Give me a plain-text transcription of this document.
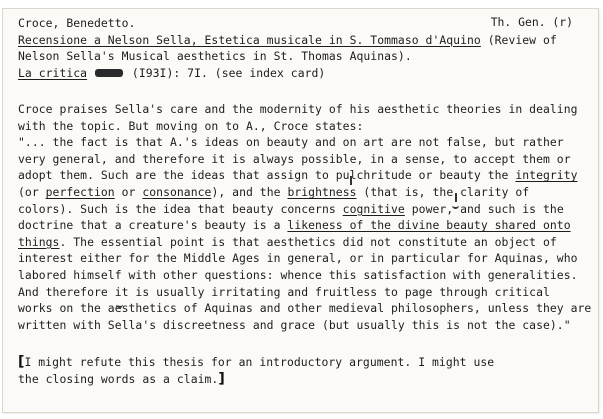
Croce, Benedetto.
Recensione a Nelson Sella, Estetica musicale in S. Tommaso d'Aquino (Review of
Nelson Sella's Musical aesthetics in St. Thomas Aquinas).
La critica	(I93I): 7I. (see index card)
Th. Gen. (r)
Croce praises Sella's care and the modernity of his aesthetic theories in dealing
with the topic. But moving on to A., Croce states:
"... the fact is that A.'s ideas on beauty and on art are not false, but rather
very general, and therefore it is always possible, in a sense, to accept them or
adopt them. Such are the ideas that assign to pulchritude or beauty the integrity
(or perfection or consonance), and the brightness (that is, the clarity of
colors). Such is the idea that beauty concerns cognitive power, and such is the
doctrine that a creature's beauty is a likeness of the divine beauty shared onto
things. The essential point is that aesthetics did not constitute an object of
interest either for the Middle Ages in general, or in particular for Aquinas, who
labored himself with other questions: whence this satisfaction with generalities.
And therefore it is usually irritating and fruitless to page through critical
works on the aesthetics of Aquinas and other medieval philosophers, unless they are
written with Sella's discreetness and grace (but usually this is not the case)."
[I might refute this thesis for an introductory argument. I might use
the closing words as a claim.]
